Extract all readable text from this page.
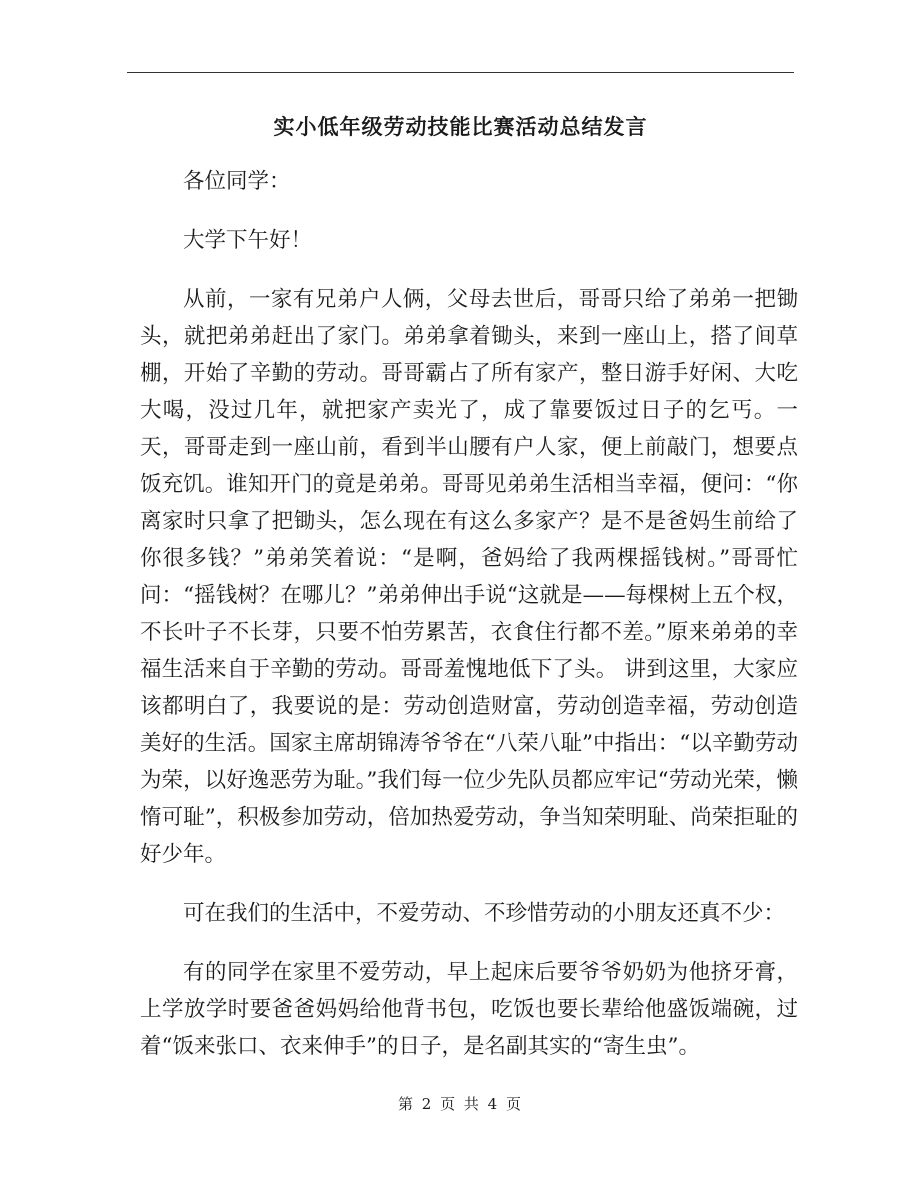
实小低年级劳动技能比赛活动总结发言

各位同学：

大学下午好！

从前，一家有兄弟户人俩，父母去世后，哥哥只给了弟弟一把锄头，就把弟弟赶出了家门。弟弟拿着锄头，来到一座山上，搭了间草棚，开始了辛勤的劳动。哥哥霸占了所有家产，整日游手好闲、大吃大喝，没过几年，就把家产卖光了，成了靠要饭过日子的乞丐。一天，哥哥走到一座山前，看到半山腰有户人家，便上前敲门，想要点饭充饥。谁知开门的竟是弟弟。哥哥见弟弟生活相当幸福，便问：“你离家时只拿了把锄头，怎么现在有这么多家产？是不是爸妈生前给了你很多钱？”弟弟笑着说：“是啊，爸妈给了我两棵摇钱树。”哥哥忙问：“摇钱树？在哪儿？”弟弟伸出手说“这就是——每棵树上五个杈，不长叶子不长芽，只要不怕劳累苦，衣食住行都不差。”原来弟弟的幸福生活来自于辛勤的劳动。哥哥羞愧地低下了头。 讲到这里，大家应该都明白了，我要说的是：劳动创造财富，劳动创造幸福，劳动创造美好的生活。国家主席胡锦涛爷爷在“八荣八耻”中指出：“以辛勤劳动为荣，以好逸恶劳为耻。”我们每一位少先队员都应牢记“劳动光荣，懒惰可耻”，积极参加劳动，倍加热爱劳动，争当知荣明耻、尚荣拒耻的好少年。

可在我们的生活中，不爱劳动、不珍惜劳动的小朋友还真不少：

有的同学在家里不爱劳动，早上起床后要爷爷奶奶为他挤牙膏，上学放学时要爸爸妈妈给他背书包，吃饭也要长辈给他盛饭端碗，过着“饭来张口、衣来伸手”的日子，是名副其实的“寄生虫”。

第 2 页 共 4 页
